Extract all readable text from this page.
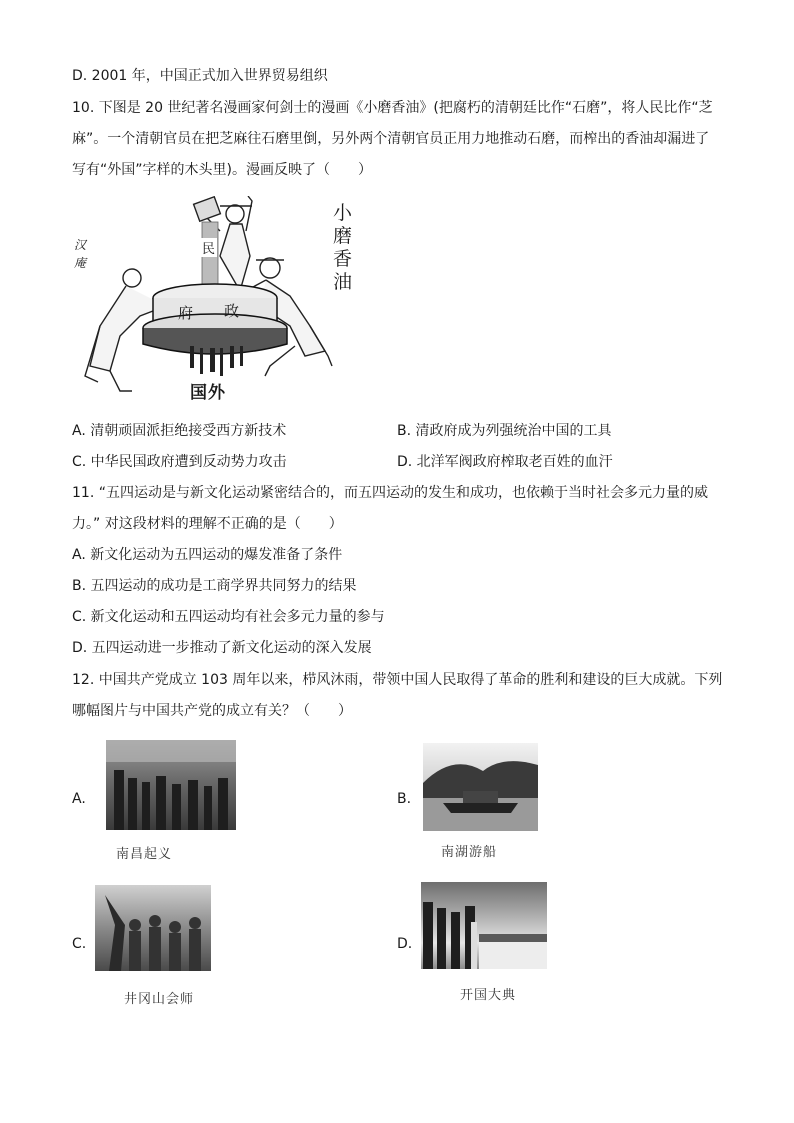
D. 2001 年，中国正式加入世界贸易组织
10. 下图是 20 世纪著名漫画家何剑士的漫画《小磨香油》(把腐朽的清朝廷比作“石磨”，将人民比作“芝
麻”。一个清朝官员在把芝麻往石磨里倒，另外两个清朝官员正用力地推动石磨，而榨出的香油却漏进了
写有“外国”字样的木头里)。漫画反映了（　　）
小
磨
香
油
汉
庵
民
政
府
国外
A. 清朝顽固派拒绝接受西方新技术	B. 清政府成为列强统治中国的工具
C. 中华民国政府遭到反动势力攻击	D. 北洋军阀政府榨取老百姓的血汗
11. “五四运动是与新文化运动紧密结合的，而五四运动的发生和成功，也依赖于当时社会多元力量的威
力。” 对这段材料的理解不正确的是（　　）
A. 新文化运动为五四运动的爆发准备了条件
B. 五四运动的成功是工商学界共同努力的结果
C. 新文化运动和五四运动均有社会多元力量的参与
D. 五四运动进一步推动了新文化运动的深入发展
12. 中国共产党成立 103 周年以来，栉风沐雨，带领中国人民取得了革命的胜利和建设的巨大成就。下列
哪幅图片与中国共产党的成立有关？（　　）
A.
南昌起义
B.
南湖游船
C.
井冈山会师
D.
开国大典
